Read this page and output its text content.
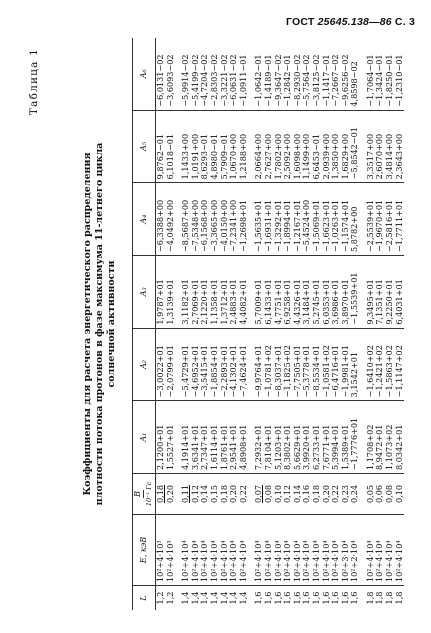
ГОСТ 25645.138—86 С. 3
Таблица 1
Коэффициенты для расчета энергетического распределения плотности потока протонов в фазе максимума 11-летнего цикла солнечной активности
L	E, кэВ	B 10⁻¹ Гс	A₁	A₂	A₃	A₄	A₅	A₆
1,2	10²÷4·10³	0,18	2,1200+01	−3,0022+01	1,9787+01	−6,3388+00	9,8762−01	−6,0131−02
1,2	10²÷4·10³	0,20	1,5527+01	−2,0799+01	1,3139+01	−4,0492+00	6,1018−01	−3,6093−02
1,4	10²÷4·10⁴	0,11	4,1914+01	−5,4729+01	3,1182+01	−8,5687+00	1,1433+00	−5,9914−02
1,4	10²÷4·10⁴	0,12	3,6341+01	−4,6952+01	2,7069+01	−7,5348+00	1,0191+00	−5,4199−02
1,4	10²÷4·10⁴	0,14	2,7347+01	−3,5415+01	2,1220+01	−6,1568+00	8,6293−01	−4,7204−02
1,4	10²÷4·10⁴	0,15	1,6114+01	−1,8854+01	1,1358+01	−3,3665+00	4,8980−01	−2,8303−02
1,4	10²÷4·10⁴	0,18	1,8761+01	−2,2893+01	1,3712+01	−4,0150+00	5,7909−01	−3,3221−02
1,4	10²÷4·10⁴	0,20	2,9541+01	−4,1302+01	2,4883+01	−7,2341+00	1,0670+00	−6,0631−02
1,4	10²÷4·10⁴	0,22	4,8908+01	−7,4624+01	4,4082+01	−1,2698+01	1,2188+00	−1,0911−01
1,6	10²÷4·10⁴	0,07	7,2932+01	−9,9764+01	5,7009+01	−1,5635+01	2,0664+00	−1,0642−01
1,6	10²÷4·10⁴	0,08	7,8104+01	−1,0781+02	6,1433+01	−1,6931+01	2,7627+00	−1,4189−01
1,6	10²÷4·10⁴	0,10	5,1203+01	−8,3037+01	4,7751+01	−1,3292+01	1,7802+00	−9,3647−02
1,6	10²÷4·10⁴	0,12	8,3802+01	−1,1825+02	6,9258+01	−1,8994+01	2,5092+00	−1,2842−01
1,6	10²÷4·10⁴	0,14	5,6629+01	−7,7505+01	4,4326+01	−1,2167+01	1,6098+00	−8,2930−02
1,6	10²÷4·10⁴	0,16	3,9920+01	−5,3778+01	3,1484+01	−5,4524+00	1,1499+00	−5,7564−02
1,6	10²÷4·10⁴	0,18	6,2733+01	−8,5534+01	5,2745+01	−1,5069+01	6,6453−01	−3,8125−02
1,6	10²÷4·10⁴	0,20	7,6771+01	−1,0581+02	6,0353+01	−1,6623+01	2,0939+00	−1,1417−01
1,6	10²÷4·10⁴	0,22	5,3994+01	−6,4716+01	3,6986+01	−1,0263+01	1,3850+00	−7,2667−02
1,6	10²÷3·10⁴	0,23	1,5389+01	−1,9981+01	3,8970+01	−1,1574+01	1,6829+00	−9,6256−02
1,6	10²÷2·10⁴	0,24	−1,7776+01	3,1542+01	−1,5539+01	5,8782+00	−5,8542−01	4,8598−02
1,8	10²÷4·10⁴	0,05	1,1708+02	−1,6410+02	9,3495+01	−2,5539+01	3,3517+00	−1,7064−01
1,8	10²÷4·10⁴	0,06	8,9472+01	−1,2421+02	7,1351+01	−1,9670+01	2,6070+00	−1,3424−01
1,8	10²÷4·10⁴	0,08	1,1073+02	−1,5863+02	9,2250+01	−2,5816+01	3,4814+00	−1,8250−01
1,8	10²÷4·10⁴	0,10	8,0342+01	−1,1147+02	6,4031+01	−1,7711+01	2,3643+00	−1,2310−01
